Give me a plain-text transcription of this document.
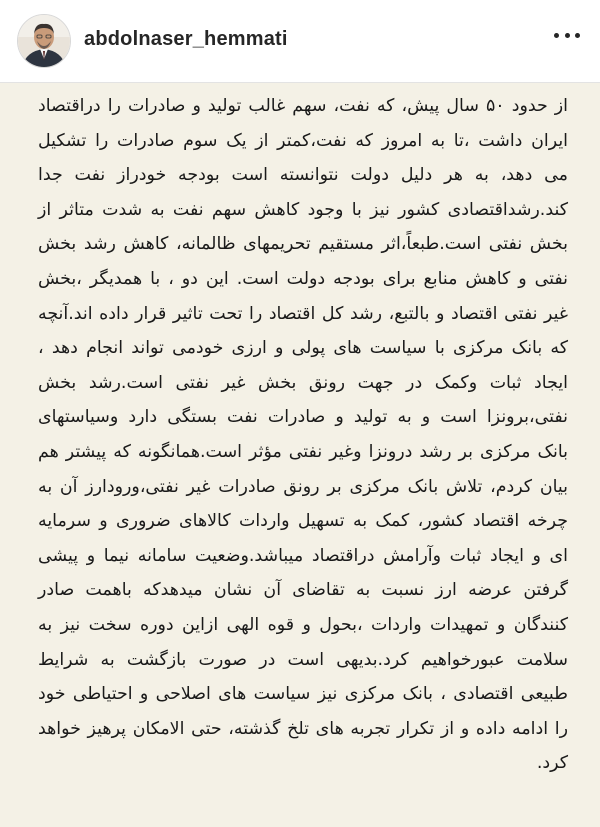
abdolnaser_hemmati

از حدود ۵۰ سال پیش، که نفت، سهم غالب تولید و صادرات را دراقتصاد ایران داشت ،تا به امروز که نفت،کمتر از یک سوم صادرات را تشکیل می دهد، به هر دلیل دولت نتوانسته است بودجه خودراز نفت جدا کند.رشداقتصادی کشور نیز با وجود کاهش سهم نفت به شدت متاثر از بخش نفتی است.طبعاً،اثر مستقیم تحریمهای ظالمانه، کاهش رشد بخش نفتی و کاهش منابع برای بودجه دولت است. این دو ، با همدیگر ،بخش غیر نفتی اقتصاد و بالتبع، رشد کل اقتصاد را تحت تاثیر قرار داده اند.آنچه که بانک مرکزی با سیاست های پولی و ارزی خودمی تواند انجام دهد ، ایجاد ثبات وکمک در جهت رونق بخش غیر نفتی است.رشد بخش نفتی،برونزا است و به تولید و صادرات نفت بستگی دارد وسیاستهای بانک مرکزی بر رشد درونزا وغیر نفتی مؤثر است.همانگونه که پیشتر هم بیان کردم، تلاش بانک مرکزی بر رونق صادرات غیر نفتی،ورودارز آن به چرخه اقتصاد کشور، کمک به تسهیل واردات کالاهای ضروری و سرمایه ای و ایجاد ثبات وآرامش دراقتصاد میباشد.وضعیت سامانه نیما و پیشی گرفتن عرضه ارز نسبت به تقاضای آن نشان میدهدکه باهمت صادر کنندگان و تمهیدات واردات ،بحول و قوه الهی ازاین دوره سخت نیز به سلامت عبورخواهیم کرد.بدیهی است در صورت بازگشت به شرایط طبیعی اقتصادی ، بانک مرکزی نیز سیاست های اصلاحی و احتیاطی خود را ادامه داده و از تکرار تجربه های تلخ گذشته، حتی الامکان پرهیز خواهد کرد.
